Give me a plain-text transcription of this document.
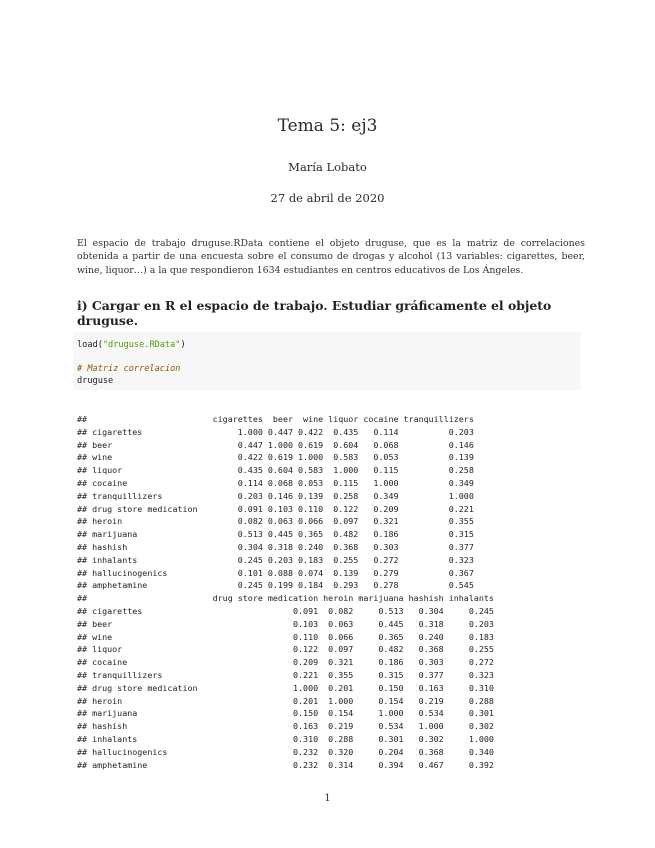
Tema 5: ej3
María Lobato
27 de abril de 2020

El espacio de trabajo druguse.RData contiene el objeto druguse, que es la matriz de correlaciones obtenida a partir de una encuesta sobre el consumo de drogas y alcohol (13 variables: cigarettes, beer, wine, liquor…) a la que respondieron 1634 estudiantes en centros educativos de Los Ángeles.

i) Cargar en R el espacio de trabajo. Estudiar gráficamente el objeto druguse.
load("druguse.RData")
# Matriz correlacion
druguse
##                         cigarettes  beer  wine liquor cocaine tranquillizers
## cigarettes                   1.000 0.447 0.422  0.435   0.114          0.203
## beer                         0.447 1.000 0.619  0.604   0.068          0.146
## wine                         0.422 0.619 1.000  0.583   0.053          0.139
## liquor                       0.435 0.604 0.583  1.000   0.115          0.258
## cocaine                      0.114 0.068 0.053  0.115   1.000          0.349
## tranquillizers               0.203 0.146 0.139  0.258   0.349          1.000
## drug store medication        0.091 0.103 0.110  0.122   0.209          0.221
## heroin                       0.082 0.063 0.066  0.097   0.321          0.355
## marijuana                    0.513 0.445 0.365  0.482   0.186          0.315
## hashish                      0.304 0.318 0.240  0.368   0.303          0.377
## inhalants                    0.245 0.203 0.183  0.255   0.272          0.323
## hallucinogenics              0.101 0.088 0.074  0.139   0.279          0.367
## amphetamine                  0.245 0.199 0.184  0.293   0.278          0.545
##                         drug store medication heroin marijuana hashish inhalants
## cigarettes                              0.091  0.082     0.513   0.304     0.245
## beer                                    0.103  0.063     0.445   0.318     0.203
## wine                                    0.110  0.066     0.365   0.240     0.183
## liquor                                  0.122  0.097     0.482   0.368     0.255
## cocaine                                 0.209  0.321     0.186   0.303     0.272
## tranquillizers                          0.221  0.355     0.315   0.377     0.323
## drug store medication                   1.000  0.201     0.150   0.163     0.310
## heroin                                  0.201  1.000     0.154   0.219     0.288
## marijuana                               0.150  0.154     1.000   0.534     0.301
## hashish                                 0.163  0.219     0.534   1.000     0.302
## inhalants                               0.310  0.288     0.301   0.302     1.000
## hallucinogenics                         0.232  0.320     0.204   0.368     0.340
## amphetamine                             0.232  0.314     0.394   0.467     0.392
1
